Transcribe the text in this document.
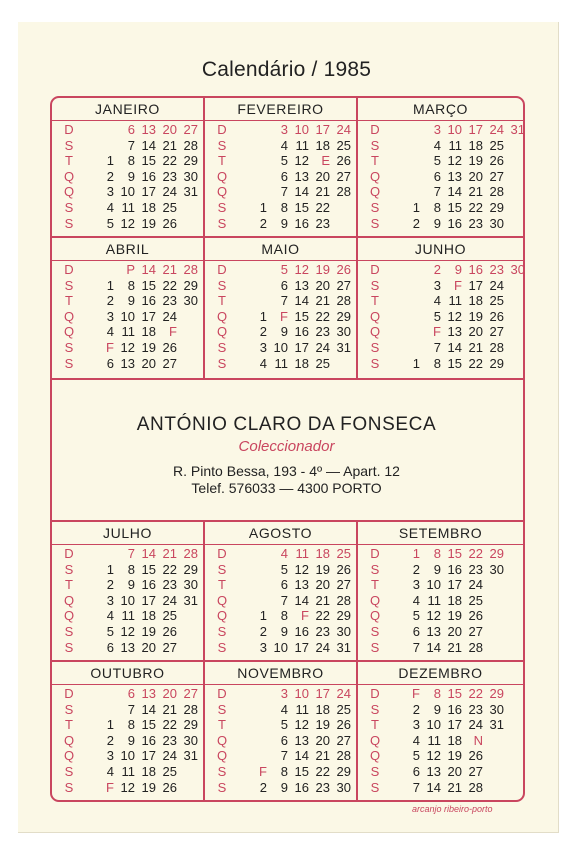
Calendário / 1985
JANEIRO
D
S
T
Q
Q
S
S
1
2
3
4
5
6
7
8
9
10
11
12
13
14
15
16
17
18
19
20
21
22
23
24
25
26
27
28
29
30
31
FEVEREIRO
D
S
T
Q
Q
S
S
1
2
3
4
5
6
7
8
9
10
11
12
13
14
15
16
17
18
E
20
21
22
23
24
25
26
27
28
MARÇO
D
S
T
Q
Q
S
S
1
2
3
4
5
6
7
8
9
10
11
12
13
14
15
16
17
18
19
20
21
22
23
24
25
26
27
28
29
30
31
ABRIL
D
S
T
Q
Q
S
S
1
2
3
4
F
6
P
8
9
10
11
12
13
14
15
16
17
18
19
20
21
22
23
24
F
26
27
28
29
30
MAIO
D
S
T
Q
Q
S
S
1
2
3
4
5
6
7
F
9
10
11
12
13
14
15
16
17
18
19
20
21
22
23
24
25
26
27
28
29
30
31
JUNHO
D
S
T
Q
Q
S
S	1
2
3
4
5
F
7
8
9
F
11
12
13
14
15
16
17
18
19
20
21
22
23
24
25
26
27
28
29
30
JULHO
D
S
T
Q
Q
S
S
1
2
3
4
5
6
7
8
9
10
11
12
13
14
15
16
17
18
19
20
21
22
23
24
25
26
27
28
29
30
31
AGOSTO
D
S
T
Q
Q
S
S
1
2
3
4
5
6
7
8
9
10
11
12
13
14
F
16
17
18
19
20
21
22
23
24
25
26
27
28
29
30
31
SETEMBRO
D
S
T
Q
Q
S
S
1
2
3
4
5
6
7
8
9
10
11
12
13
14
15
16
17
18
19
20
21
22
23
24
25
26
27
28
29
30
OUTUBRO
D
S
T
Q
Q
S
S
1
2
3
4
F
6
7
8
9
10
11
12
13
14
15
16
17
18
19
20
21
22
23
24
25
26
27
28
29
30
31
NOVEMBRO
D
S
T
Q
Q
S
S
F
2
3
4
5
6
7
8
9
10
11
12
13
14
15
16
17
18
19
20
21
22
23
24
25
26
27
28
29
30
DEZEMBRO
D
S
T
Q
Q
S
S
F
2
3
4
5
6
7
8
9
10
11
12
13
14
15
16
17
18
19
20
21
22
23
24
N
26
27
28
29
30
31
ANTÓNIO CLARO DA FONSECA
Coleccionador
R. Pinto Bessa, 193 - 4º — Apart. 12
Telef. 576033 — 4300 PORTO
arcanjo ribeiro-porto
